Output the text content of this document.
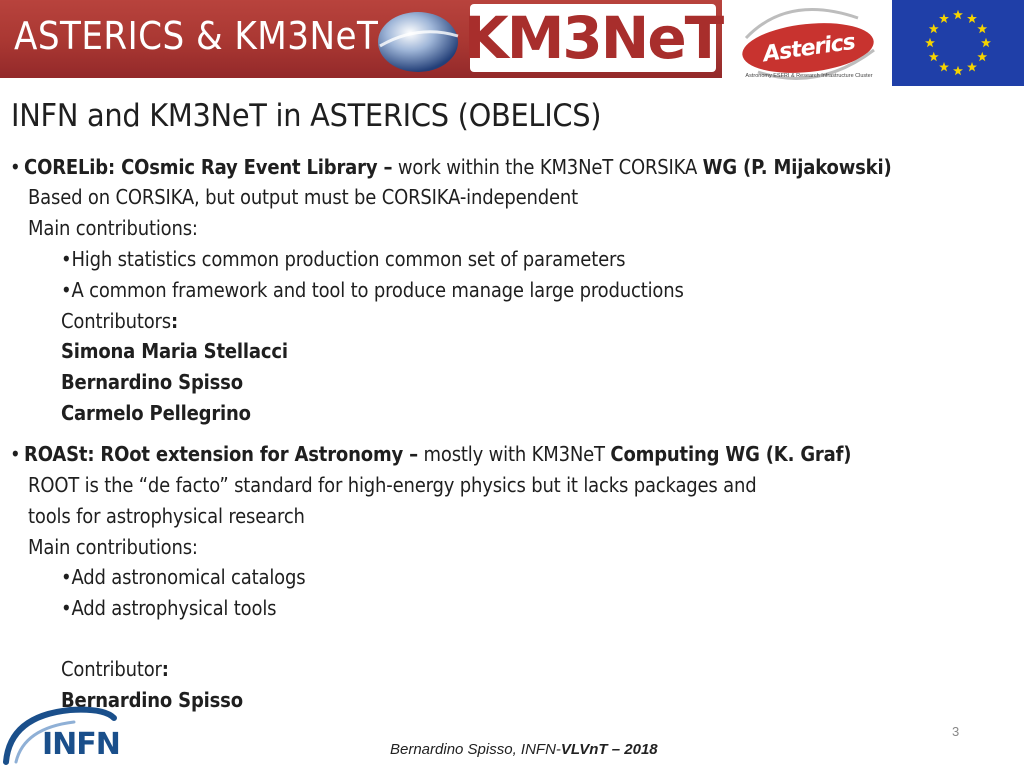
ASTERICS & KM3NeT KM3NeT	Asterics
Astronomy ESFRI & Research Infrastructure Cluster
INFN and KM3NeT in ASTERICS (OBELICS)
• CORELib: COsmic Ray Event Library – work within the KM3NeT CORSIKA WG (P. Mijakowski)
Based on CORSIKA, but output must be CORSIKA-independent
Main contributions:
•High statistics common production common set of parameters
•A common framework and tool to produce manage large productions
Contributors:
Simona Maria Stellacci
Bernardino Spisso
Carmelo Pellegrino
• ROASt: ROot extension for Astronomy – mostly with KM3NeT Computing WG (K. Graf)
ROOT is the “de facto” standard for high-energy physics but it lacks packages and
tools for astrophysical research
Main contributions:
•Add astronomical catalogs
•Add astrophysical tools
Contributor:
Bernardino Spisso
INFN	3
Bernardino Spisso, INFN-VLVnT – 2018
